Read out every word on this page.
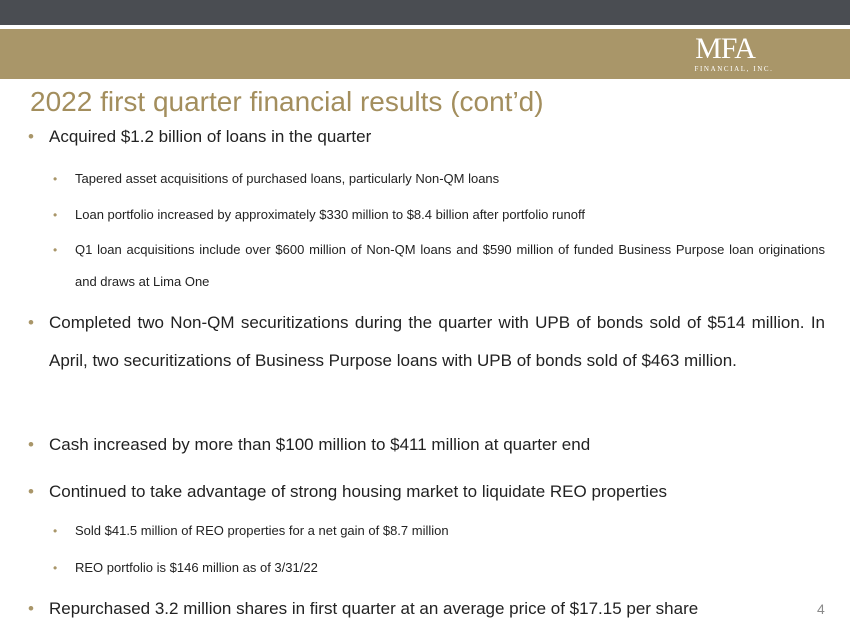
MFA
FINANCIAL, INC.
2022 first quarter financial results (cont’d)
• Acquired $1.2 billion of loans in the quarter
• Tapered asset acquisitions of purchased loans, particularly Non-QM loans
• Loan portfolio increased by approximately $330 million to $8.4 billion after portfolio runoff
• Q1 loan acquisitions include over $600 million of Non-QM loans and $590 million of funded Business Purpose loan originations and draws at Lima One
• Completed two Non-QM securitizations during the quarter with UPB of bonds sold of $514 million. In April, two securitizations of Business Purpose loans with UPB of bonds sold of $463 million.
• Cash increased by more than $100 million to $411 million at quarter end
• Continued to take advantage of strong housing market to liquidate REO properties
• Sold $41.5 million of REO properties for a net gain of $8.7 million
• REO portfolio is $146 million as of 3/31/22
• Repurchased 3.2 million shares in first quarter at an average price of $17.15 per share	4
